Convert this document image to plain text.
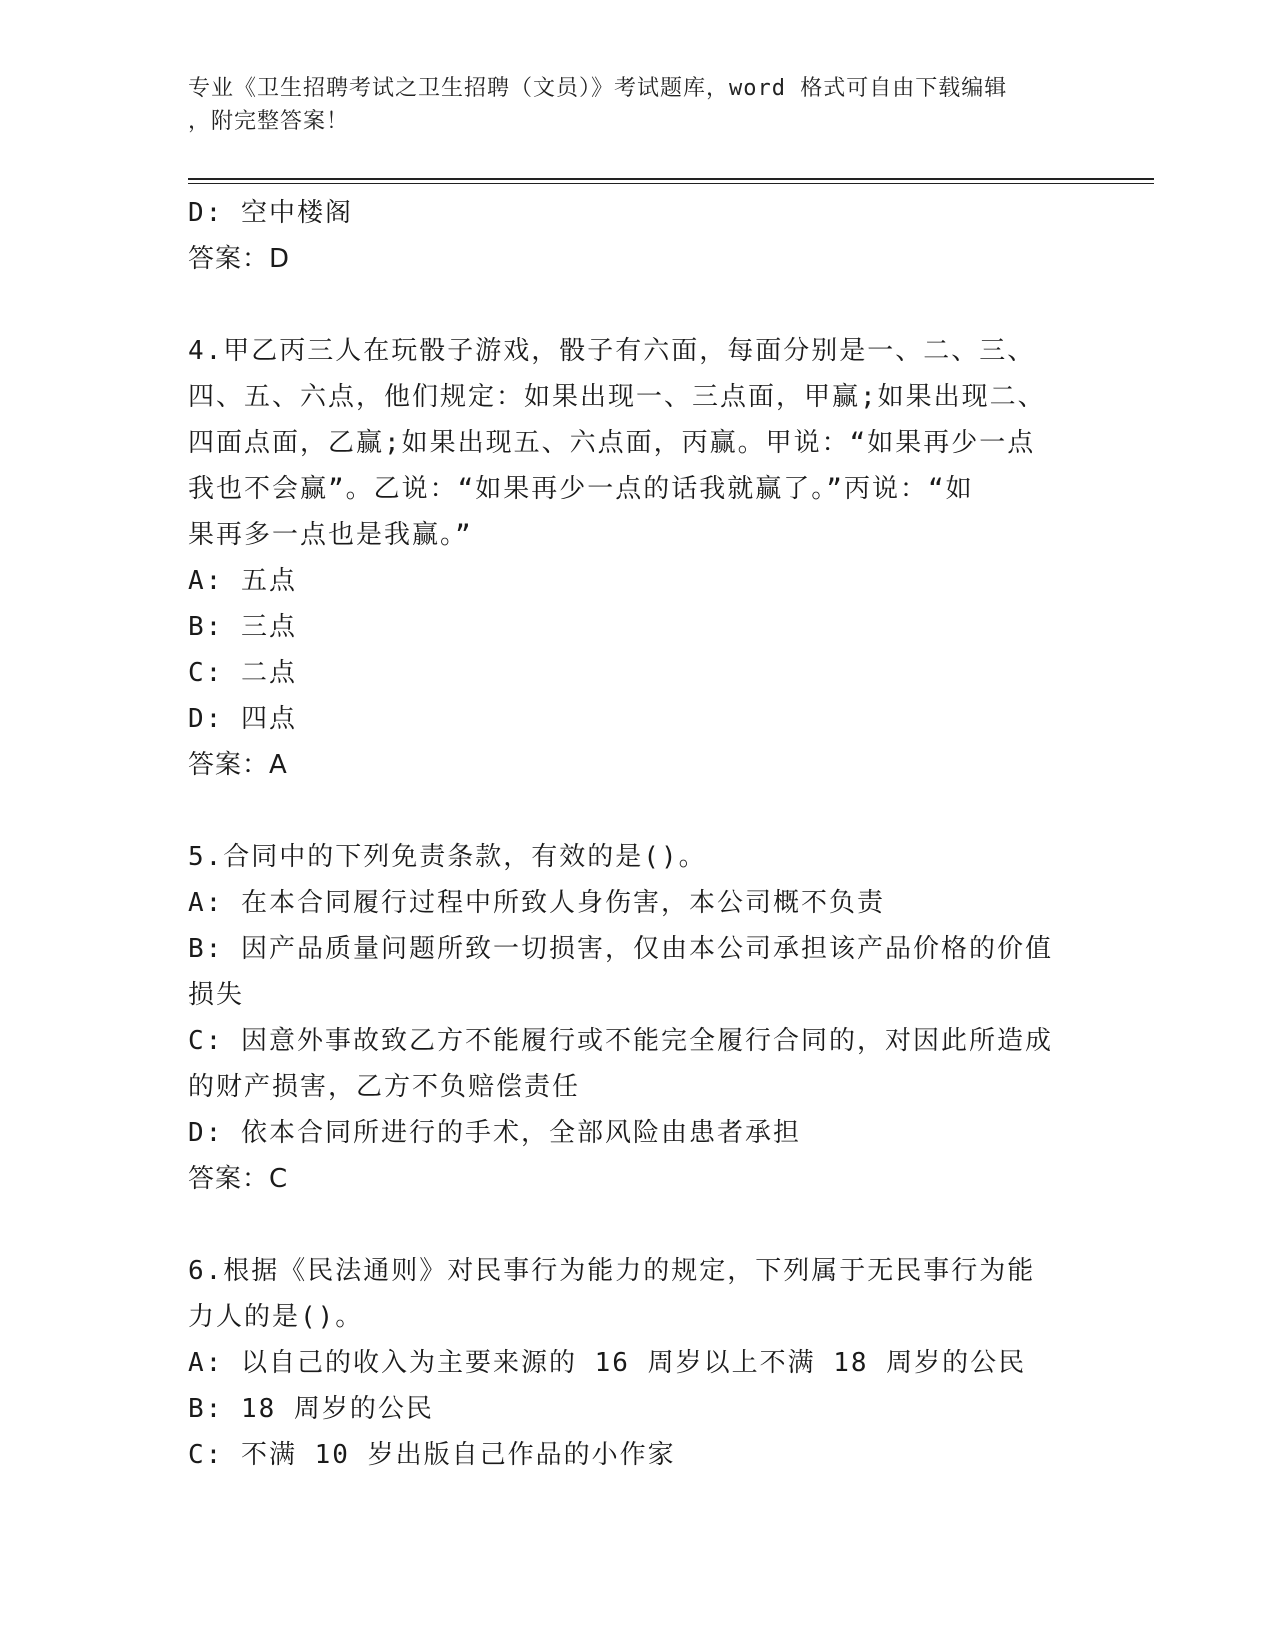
专业《卫生招聘考试之卫生招聘（文员）》考试题库，word 格式可自由下载编辑
，附完整答案！

D: 空中楼阁

答案：D

4.甲乙丙三人在玩骰子游戏，骰子有六面，每面分别是一、二、三、

四、五、六点，他们规定：如果出现一、三点面，甲赢;如果出现二、

四面点面，乙赢;如果出现五、六点面，丙赢。甲说：“如果再少一点

我也不会赢”。乙说：“如果再少一点的话我就赢了。”丙说：“如

果再多一点也是我赢。”

A: 五点

B: 三点

C: 二点

D: 四点

答案：A

5.合同中的下列免责条款，有效的是()。

A: 在本合同履行过程中所致人身伤害，本公司概不负责

B: 因产品质量问题所致一切损害，仅由本公司承担该产品价格的价值

损失

C: 因意外事故致乙方不能履行或不能完全履行合同的，对因此所造成

的财产损害，乙方不负赔偿责任

D: 依本合同所进行的手术，全部风险由患者承担

答案：C

6.根据《民法通则》对民事行为能力的规定，下列属于无民事行为能

力人的是()。

A: 以自己的收入为主要来源的 16 周岁以上不满 18 周岁的公民

B: 18 周岁的公民

C: 不满 10 岁出版自己作品的小作家
